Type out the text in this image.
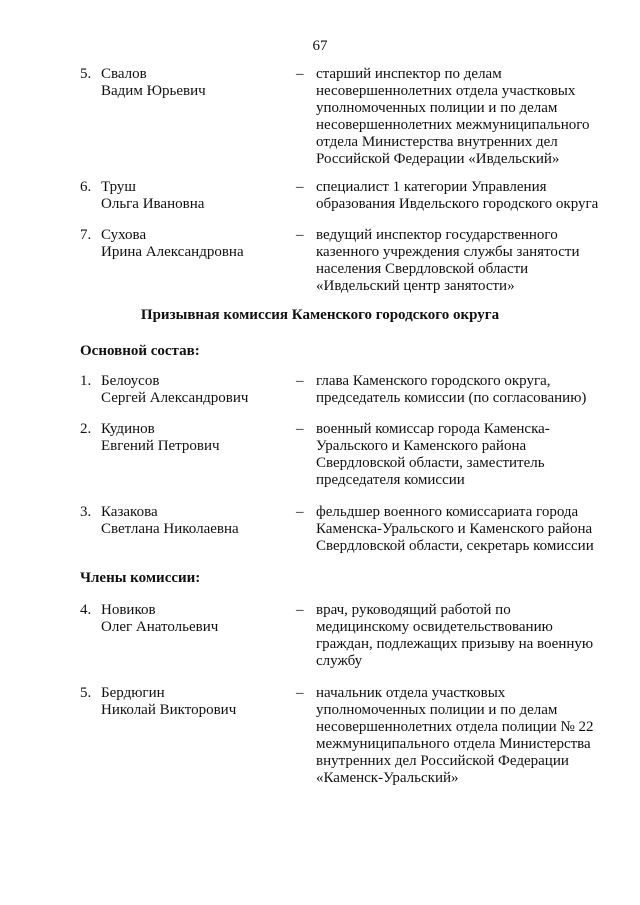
67
5. Свалов
Вадим Юрьевич
– старший инспектор по делам
несовершеннолетних отдела участковых
уполномоченных полиции и по делам
несовершеннолетних межмуниципального
отдела Министерства внутренних дел
Российской Федерации «Ивдельский»
6. Труш
Ольга Ивановна
– специалист 1 категории Управления
образования Ивдельского городского округа
7. Сухова
Ирина Александровна
– ведущий инспектор государственного
казенного учреждения службы занятости
населения Свердловской области
«Ивдельский центр занятости»
Призывная комиссия Каменского городского округа
Основной состав:
1. Белоусов
Сергей Александрович
– глава Каменского городского округа,
председатель комиссии (по согласованию)
2. Кудинов
Евгений Петрович
– военный комиссар города Каменска-
Уральского и Каменского района
Свердловской области, заместитель
председателя комиссии
3. Казакова
Светлана Николаевна
– фельдшер военного комиссариата города
Каменска-Уральского и Каменского района
Свердловской области, секретарь комиссии
Члены комиссии:
4. Новиков
Олег Анатольевич
– врач, руководящий работой по
медицинскому освидетельствованию
граждан, подлежащих призыву на военную
службу
5. Бердюгин
Николай Викторович
– начальник отдела участковых
уполномоченных полиции и по делам
несовершеннолетних отдела полиции № 22
межмуниципального отдела Министерства
внутренних дел Российской Федерации
«Каменск-Уральский»
